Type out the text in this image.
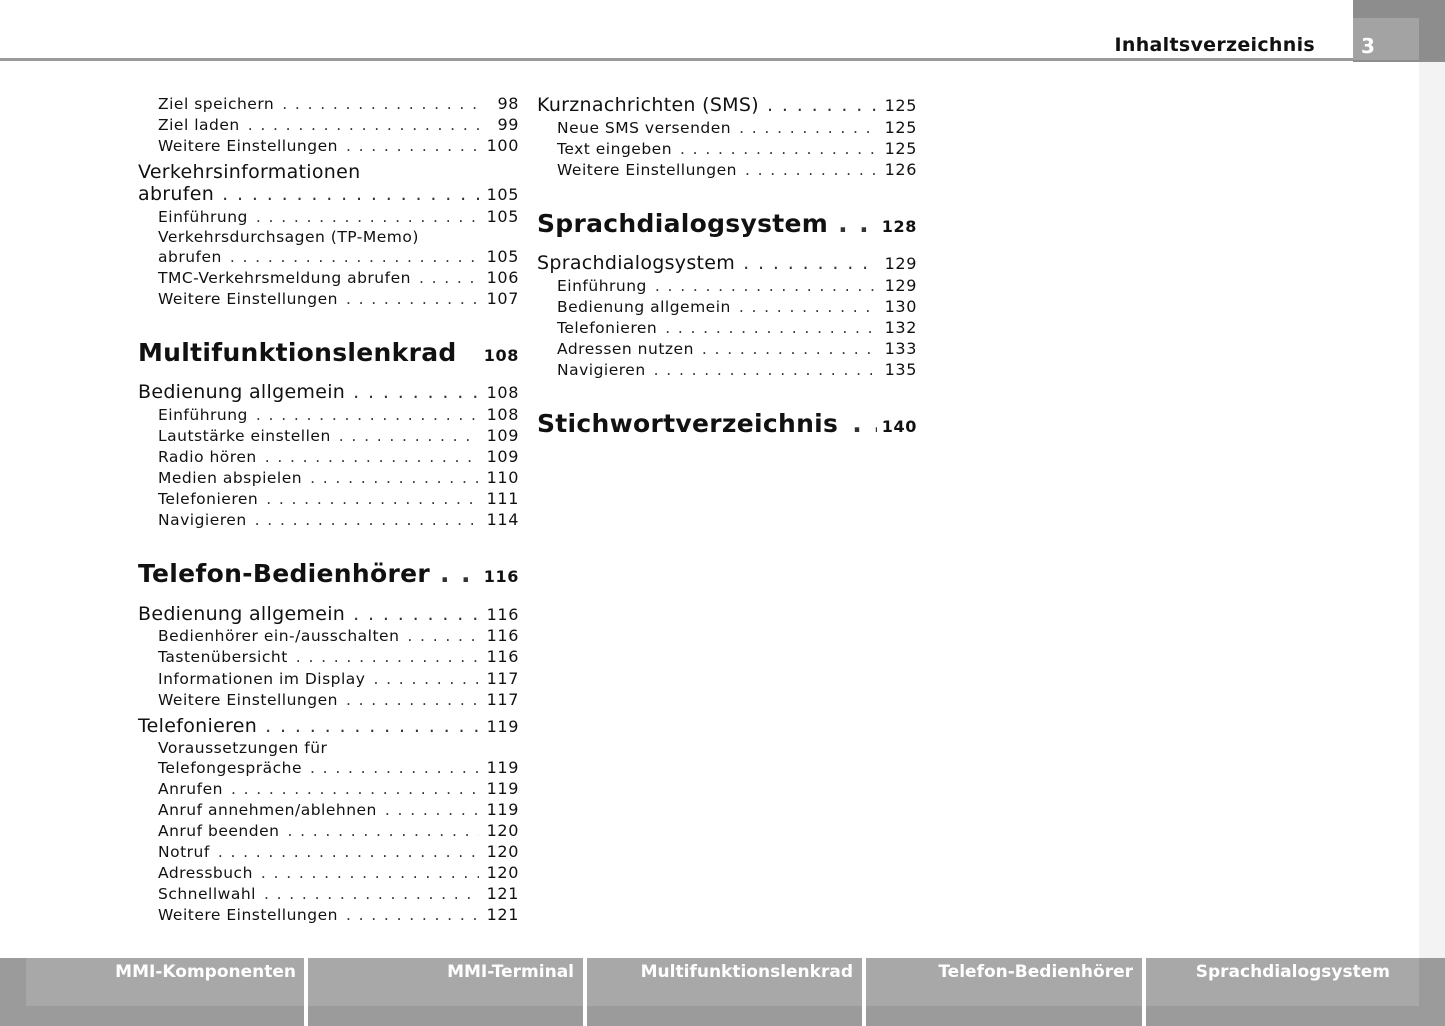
Inhaltsverzeichnis	3
Ziel speichern . . .	98
Ziel laden . . .	99
Weitere Einstellungen . . .	100
Verkehrsinformationen
abrufen . . .	105
Einführung . . .	105
Verkehrsdurchsagen (TP-Memo)
abrufen . . .	105
TMC-Verkehrsmeldung abrufen . . .	106
Weitere Einstellungen . . .	107
Multifunktionslenkrad 108
Bedienung allgemein . . .	108
Einführung . . .	108
Lautstärke einstellen . . .	109
Radio hören . . .	109
Medien abspielen . . .	110
Telefonieren . . .	111
Navigieren . . .	114
Telefon-Bedienhörer . . .	116
Bedienung allgemein . . .	116
Bedienhörer ein-/ausschalten . . .	116
Tastenübersicht . . .	116
Informationen im Display . . .	117
Weitere Einstellungen . . .	117
Telefonieren . . .	119
Voraussetzungen für
Telefongespräche . . .	119
Anrufen . . .	119
Anruf annehmen/ablehnen . . .	119
Anruf beenden . . .	120
Notruf . . .	120
Adressbuch . . .	120
Schnellwahl . . .	121
Weitere Einstellungen . . .	121
Kurznachrichten (SMS) . . .	125
Neue SMS versenden . . .	125
Text eingeben . . .	125
Weitere Einstellungen . . .	126
Sprachdialogsystem . . .	128
Sprachdialogsystem . . .	129
Einführung . . .	129
Bedienung allgemein . . .	130
Telefonieren . . .	132
Adressen nutzen . . .	133
Navigieren . . .	135
Stichwortverzeichnis . . .	140
MMI-Komponenten	MMI-Terminal	Multifunktionslenkrad	Telefon-Bedienhörer	Sprachdialogsystem
